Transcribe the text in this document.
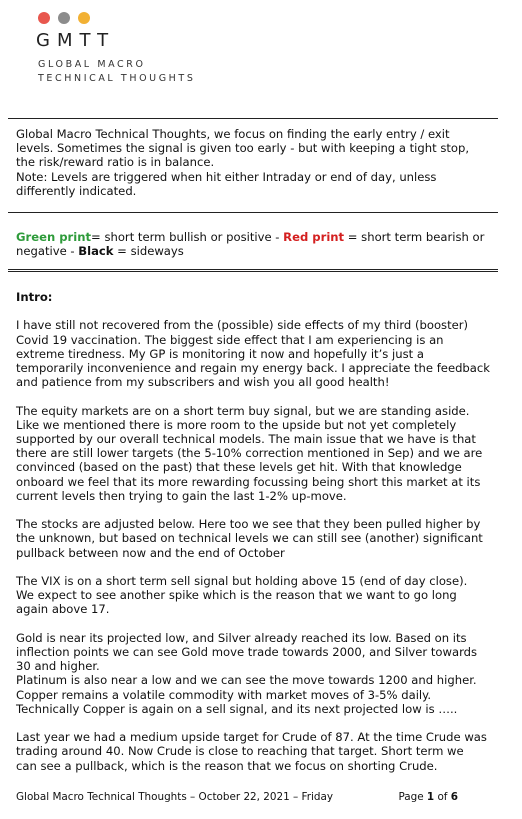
GMTT
GLOBAL MACRO
TECHNICAL THOUGHTS

Global Macro Technical Thoughts, we focus on finding the early entry / exit

levels. Sometimes the signal is given too early - but with keeping a tight stop,

the risk/reward ratio is in balance.

Note: Levels are triggered when hit either Intraday or end of day, unless

differently indicated.

Green print= short term bullish or positive - Red print = short term bearish or

negative - Black = sideways

Intro:

I have still not recovered from the (possible) side effects of my third (booster)

Covid 19 vaccination. The biggest side effect that I am experiencing is an

extreme tiredness. My GP is monitoring it now and hopefully it’s just a

temporarily inconvenience and regain my energy back. I appreciate the feedback

and patience from my subscribers and wish you all good health!

The equity markets are on a short term buy signal, but we are standing aside.

Like we mentioned there is more room to the upside but not yet completely

supported by our overall technical models. The main issue that we have is that

there are still lower targets (the 5-10% correction mentioned in Sep) and we are

convinced (based on the past) that these levels get hit. With that knowledge

onboard we feel that its more rewarding focussing being short this market at its

current levels then trying to gain the last 1-2% up-move.

The stocks are adjusted below. Here too we see that they been pulled higher by

the unknown, but based on technical levels we can still see (another) significant

pullback between now and the end of October

The VIX is on a short term sell signal but holding above 15 (end of day close).

We expect to see another spike which is the reason that we want to go long

again above 17.

Gold is near its projected low, and Silver already reached its low. Based on its

inflection points we can see Gold move trade towards 2000, and Silver towards

30 and higher.

Platinum is also near a low and we can see the move towards 1200 and higher.

Copper remains a volatile commodity with market moves of 3-5% daily.

Technically Copper is again on a sell signal, and its next projected low is …..

Last year we had a medium upside target for Crude of 87. At the time Crude was

trading around 40. Now Crude is close to reaching that target. Short term we

can see a pullback, which is the reason that we focus on shorting Crude.

Global Macro Technical Thoughts – October 22, 2021 – Friday	Page 1 of 6
